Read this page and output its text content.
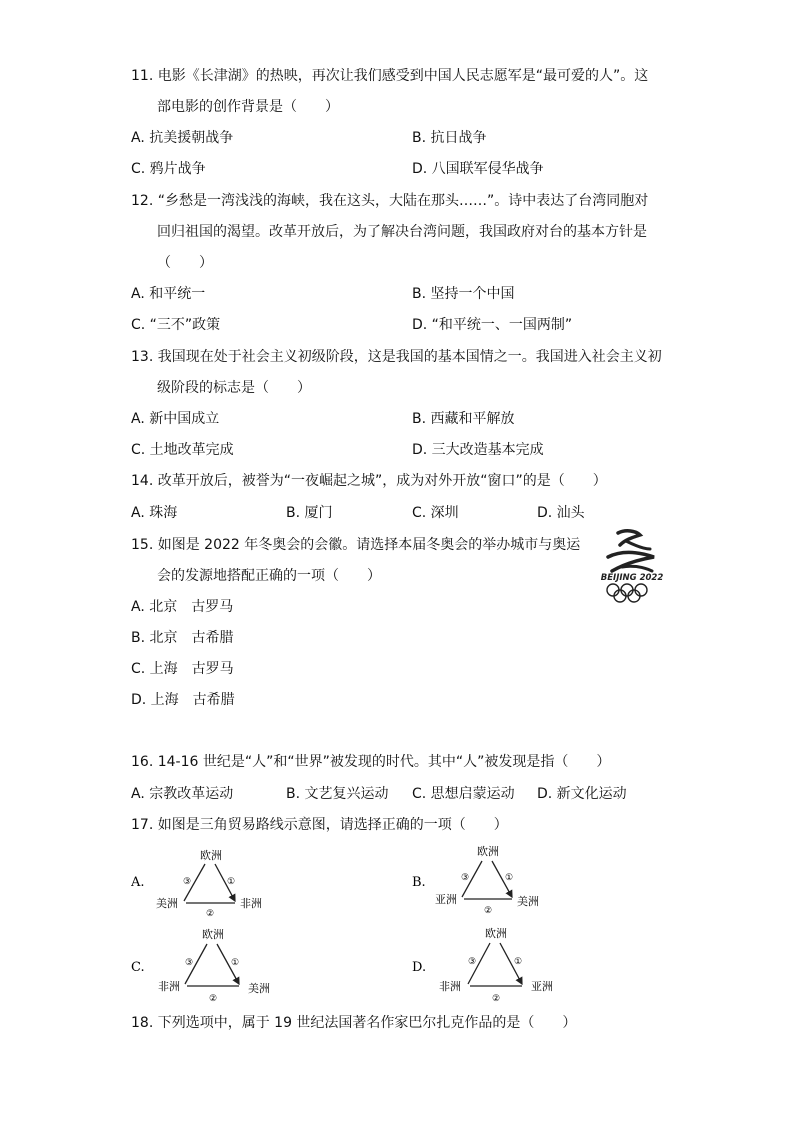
11. 电影《长津湖》的热映，再次让我们感受到中国人民志愿军是“最可爱的人”。这
部电影的创作背景是（　　）
A. 抗美援朝战争	B. 抗日战争
C. 鸦片战争	D. 八国联军侵华战争
12. “乡愁是一湾浅浅的海峡，我在这头，大陆在那头……”。诗中表达了台湾同胞对
回归祖国的渴望。改革开放后，为了解决台湾问题，我国政府对台的基本方针是
（　　）
A. 和平统一	B. 坚持一个中国
C. “三不”政策	D. “和平统一、一国两制”
13. 我国现在处于社会主义初级阶段，这是我国的基本国情之一。我国进入社会主义初
级阶段的标志是（　　）
A. 新中国成立	B. 西藏和平解放
C. 土地改革完成	D. 三大改造基本完成
14. 改革开放后，被誉为“一夜崛起之城”，成为对外开放“窗口”的是（　　）
A. 珠海	B. 厦门	C. 深圳	D. 汕头
15. 如图是 2022 年冬奥会的会徽。请选择本届冬奥会的举办城市与奥运
会的发源地搭配正确的一项（　　）	BEIJING 2022
A. 北京　古罗马
B. 北京　古希腊
C. 上海　古罗马
D. 上海　古希腊
16. 14-16 世纪是“人”和“世界”被发现的时代。其中“人”被发现是指（　　）
A. 宗教改革运动	B. 文艺复兴运动 C. 思想启蒙运动 D. 新文化运动
17. 如图是三角贸易路线示意图，请选择正确的一项（　　）
A.
欧洲
③	①
②
美洲	非洲
B.
欧洲
③	①
②
亚洲	美洲
C.
欧洲
③	①
②
非洲	美洲
D.
欧洲
③	①
②
非洲	亚洲
18. 下列选项中，属于 19 世纪法国著名作家巴尔扎克作品的是（　　）
